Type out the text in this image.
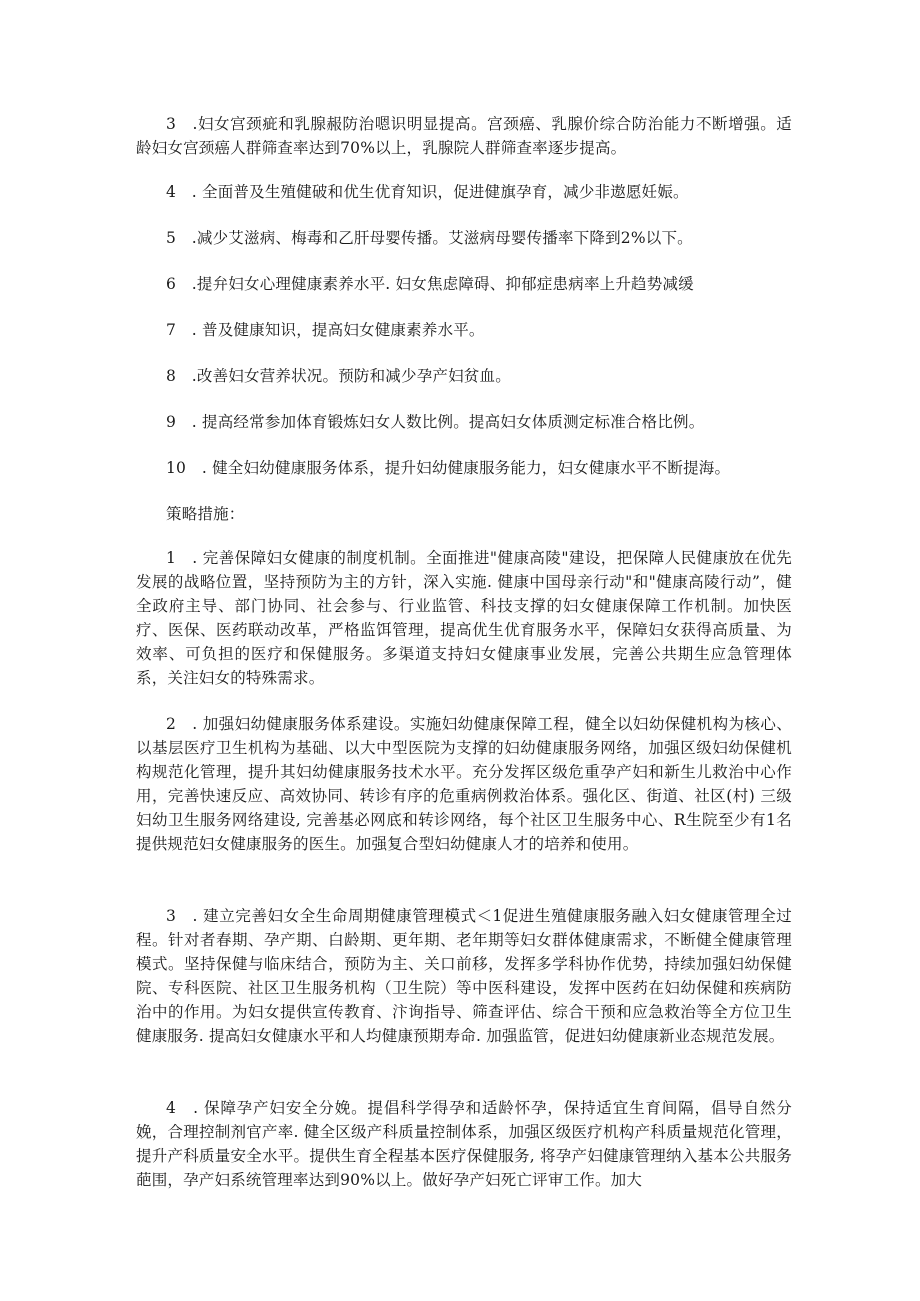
3　.妇女宫颈疵和乳腺赧防治嗯识明显提高。宫颈癌、乳腺价综合防治能力不断增强。适龄妇女宫颈癌人群筛查率达到70%以上，乳腺院人群筛查率逐步提高。

4　. 全面普及生殖健破和优生优育知识，促进健旗孕育，减少非遨愿妊娠。

5　.减少艾滋病、梅毒和乙肝母婴传播。艾滋病母婴传播率下降到2%以下。

6　.提弁妇女心理健康素养水平. 妇女焦虑障碍、抑郁症患病率上升趋势减缓

7　. 普及健康知识，提高妇女健康素养水平。

8　.改善妇女营养状况。预防和减少孕产妇贫血。

9　. 提高经常参加体育锻炼妇女人数比例。提高妇女体质测定标准合格比例。

10　. 健全妇幼健康服务体系，提升妇幼健康服务能力，妇女健康水平不断提海。

策略措施：

1　. 完善保障妇女健康的制度机制。全面推进"健康高陵"建设，把保障人民健康放在优先发展的战略位置，坚持预防为主的方针，深入实施. 健康中国母亲行动"和"健康高陵行动”，健全政府主导、部门协同、社会参与、行业监管、科技支撑的妇女健康保障工作机制。加快医疗、医保、医药联动改革，严格监饵管理，提高优生优育服务水平，保障妇女获得高质量、为效率、可负担的医疗和保健服务。多渠道支持妇女健康事业发展，完善公共期生应急管理体系，关注妇女的特殊需求。

2　. 加强妇幼健康服务体系建设。实施妇幼健康保障工程，健全以妇幼保健机构为核心、以基层医疗卫生机构为基础、以大中型医院为支撑的妇幼健康服务网络，加强区级妇幼保健机构规范化管理，提升其妇幼健康服务技术水平。充分发挥区级危重孕产妇和新生儿救治中心作用，完善快速反应、高效协同、转诊有序的危重病例救治体系。强化区、街道、社区(村) 三级妇幼卫生服务网络建设, 完善基必网底和转诊网络，每个社区卫生服务中心、R生院至少有1名提供规范妇女健康服务的医生。加强复合型妇幼健康人才的培养和使用。

3　. 建立完善妇女全生命周期健康管理模式＜1促进生殖健康服务融入妇女健康管理全过程。针对者春期、孕产期、白龄期、更年期、老年期等妇女群体健康需求，不断健全健康管理模式。坚持保健与临床结合，预防为主、关口前移，发挥多学科协作优势，持续加强妇幼保健院、专科医院、社区卫生服务机构（卫生院）等中医科建设，发挥中医药在妇幼保健和疾病防治中的作用。为妇女提供宣传教育、汴询指导、筛查评估、综合干预和应急救治等全方位卫生健康服务. 提高妇女健康水平和人均健康预期寿命. 加强监管，促进妇幼健康新业态规范发展。

4　. 保障孕产妇安全分娩。提倡科学得孕和适龄怀孕，保持适宜生育间隔，倡导自然分娩，合理控制剂官产率. 健全区级产科质量控制体系，加强区级医疗机构产科质量规范化管理，提升产科质量安全水平。提供生育全程基本医疗保健服务, 将孕产妇健康管理纳入基本公共服务葩围，孕产妇系统管理率达到90%以上。做好孕产妇死亡评审工作。加大
